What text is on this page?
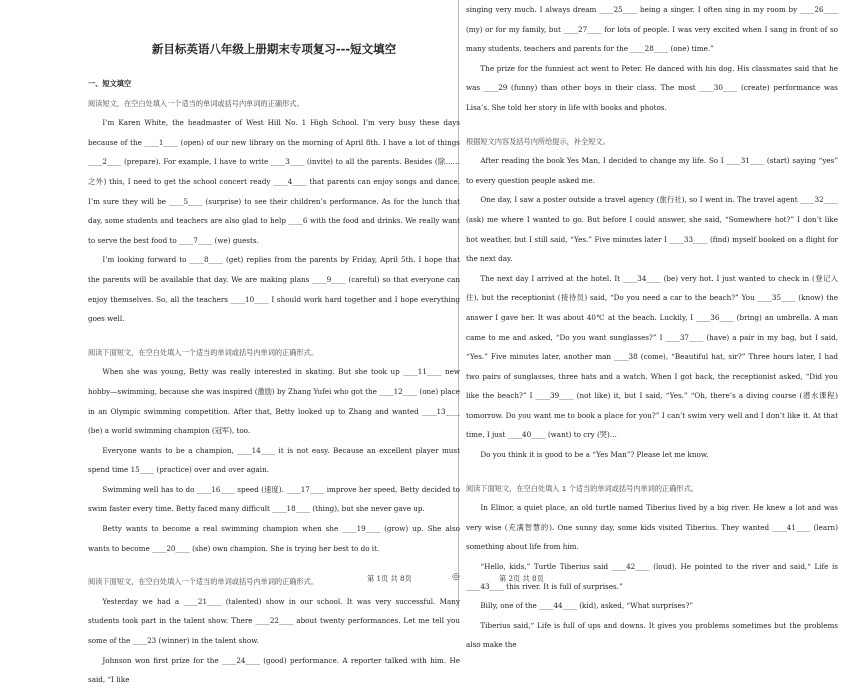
新目标英语八年级上册期末专项复习---短文填空
一、短文填空
阅读短文，在空白处填入一个适当的单词或括号内单词的正确形式。

I’m Karen White, the headmaster of West Hill No. 1 High School. I’m very busy these days because of the ____1____ (open) of our new library on the morning of April 8th. I have a lot of things ____2____ (prepare). For example, I have to write ____3____ (invite) to all the parents. Besides (除……之外) this, I need to get the school concert ready ____4____ that parents can enjoy songs and dance. I’m sure they will be ____5____ (surprise) to see their children’s performance. As for the lunch that day, some students and teachers are also glad to help ____6 with the food and drinks. We really want to serve the best food to ____7____ (we) guests.

I’m looking forward to ____8____ (get) replies from the parents by Friday, April 5th. I hope that the parents will be available that day. We are making plans ____9____ (careful) so that everyone can enjoy themselves. So, all the teachers ____10____ I should work hard together and I hope everything goes well.

阅读下面短文，在空白处填入一个适当的单词或括号内单词的正确形式。

When she was young, Betty was really interested in skating. But she took up ____11____ new hobby—swimming, because she was inspired (激励) by Zhang Yufei who got the ____12____ (one) place in an Olympic swimming competition. After that, Betty looked up to Zhang and wanted ____13____ (be) a world swimming champion (冠军), too.

Everyone wants to be a champion, ____14____ it is not easy. Because an excellent player must spend time 15____ (practice) over and over again.

Swimming well has to do ____16____ speed (速度). ____17____ improve her speed, Betty decided to swim faster every time. Betty faced many difficult ____18____ (thing), but she never gave up.

Betty wants to become a real swimming champion when she ____19____ (grow) up. She also wants to become ____20____ (she) own champion. She is trying her best to do it.

阅读下面短文，在空白处填入一个适当的单词或括号内单词的正确形式。

Yesterday we had a ____21____ (talented) show in our school. It was very successful. Many students took part in the talent show. There ____22____ about twenty performances. Let me tell you some of the ____23 (winner) in the talent show.

Johnson won first prize for the ____24____ (good) performance. A reporter talked with him. He said, “I like

singing very much. I always dream ____25____ being a singer. I often sing in my room by ____26____ (my) or for my family, but ____27____ for lots of people. I was very excited when I sang in front of so many students, teachers and parents for the ____28____ (one) time.”

The prize for the funniest act went to Peter. He danced with his dog. His classmates said that he was ____29 (funny) than other boys in their class. The most ____30____ (create) performance was Lisa’s. She told her story in life with books and photos.

根据短文内容及括号内所给提示，补全短文。

After reading the book Yes Man, I decided to change my life. So I ____31____ (start) saying “yes” to every question people asked me.

One day, I saw a poster outside a travel agency (旅行社), so I went in. The travel agent ____32____ (ask) me where I wanted to go. But before I could answer, she said, “Somewhere hot?” I don’t like hot weather, but I still said, “Yes.” Five minutes later I ____33____ (find) myself booked on a flight for the next day.

The next day I arrived at the hotel. It ____34____ (be) very hot. I just wanted to check in (登记入住), but the receptionist (接待员) said, “Do you need a car to the beach?” You ____35____ (know) the answer I gave her. It was about 40℃ at the beach. Luckily, I ____36____ (bring) an umbrella. A man came to me and asked, “Do you want sunglasses?” I ____37____ (have) a pair in my bag, but I said, “Yes.” Five minutes later, another man ____38 (come), “Beautiful hat, sir?” Three hours later, I had two pairs of sunglasses, three hats and a watch. When I got back, the receptionist asked, “Did you like the beach?” I ____39____ (not like) it, but I said, “Yes.” “Oh, there’s a diving course (潜水课程) tomorrow. Do you want me to book a place for you?” I can’t swim very well and I don’t like it. At that time, I just ____40____ (want) to cry (哭)…

Do you think it is good to be a “Yes Man”? Please let me know.

阅读下面短文，在空白处填入 1 个适当的单词或括号内单词的正确形式。

In Elinor, a quiet place, an old turtle named Tiberius lived by a big river. He knew a lot and was very wise (充满智慧的). One sunny day, some kids visited Tiberius. They wanted ____41____ (learn) something about life from him.

“Hello, kids,” Turtle Tiberius said ____42____ (loud). He pointed to the river and said,“ Life is ____43____ this river. It is full of surprises.”

Billy, one of the ____44____ (kid), asked, “What surprises?”

Tiberius said,“ Life is full of ups and downs. It gives you problems sometimes but the problems also make the

第 1页 共 8页	◎	第 2页 共 8页
